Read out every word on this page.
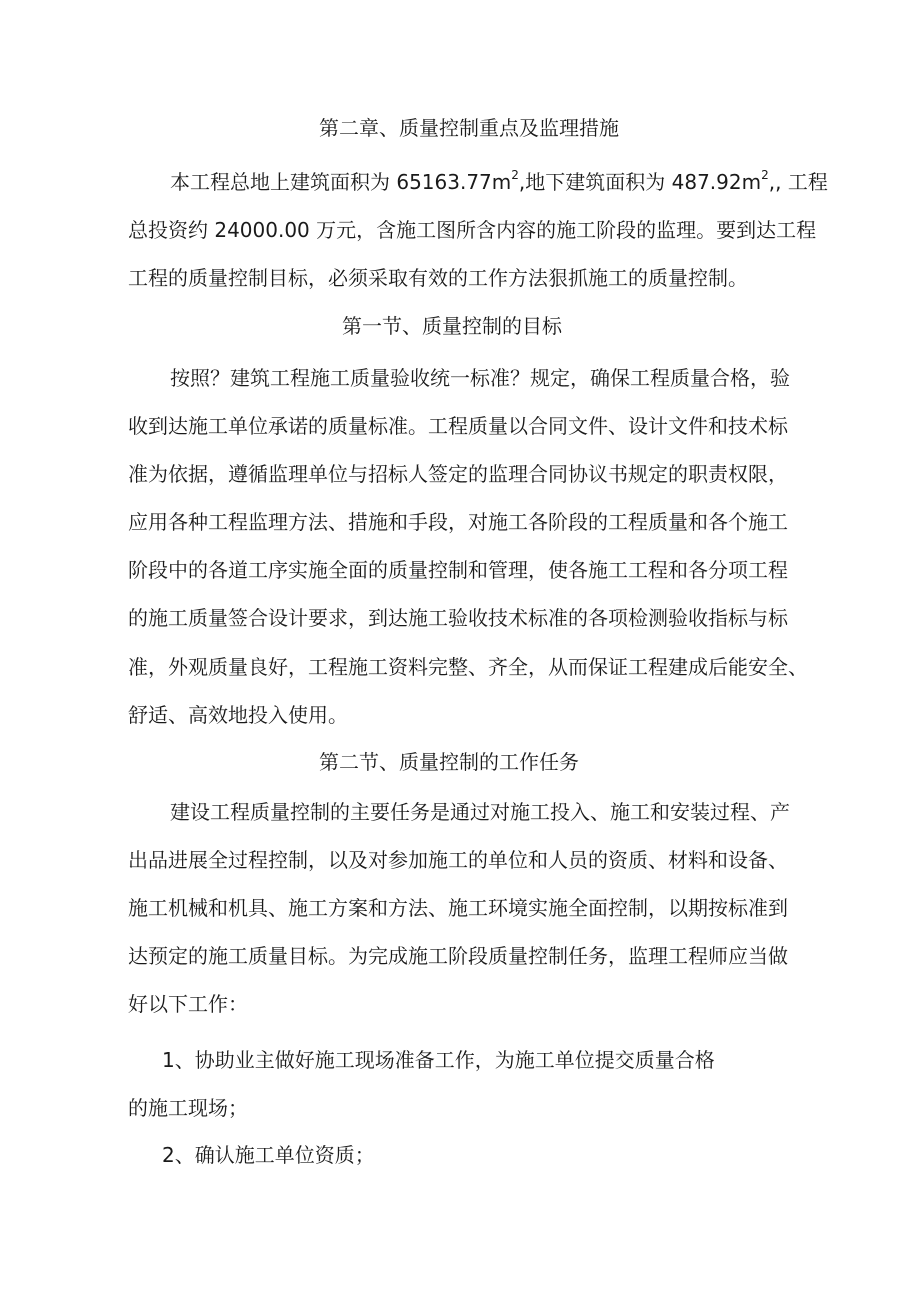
第二章、质量控制重点及监理措施

本工程总地上建筑面积为 $65163.77m^2$,地下建筑面积为 $487.92m^2$,, 工程

总投资约 24000.00 万元，含施工图所含内容的施工阶段的监理。要到达工程

工程的质量控制目标，必须采取有效的工作方法狠抓施工的质量控制。

第一节、质量控制的目标

按照？建筑工程施工质量验收统一标准？规定，确保工程质量合格，验

收到达施工单位承诺的质量标准。工程质量以合同文件、设计文件和技术标

准为依据，遵循监理单位与招标人签定的监理合同协议书规定的职责权限，

应用各种工程监理方法、措施和手段，对施工各阶段的工程质量和各个施工

阶段中的各道工序实施全面的质量控制和管理，使各施工工程和各分项工程

的施工质量签合设计要求，到达施工验收技术标准的各项检测验收指标与标

准，外观质量良好，工程施工资料完整、齐全，从而保证工程建成后能安全、

舒适、高效地投入使用。

第二节、质量控制的工作任务

建设工程质量控制的主要任务是通过对施工投入、施工和安装过程、产

出品进展全过程控制，以及对参加施工的单位和人员的资质、材料和设备、

施工机械和机具、施工方案和方法、施工环境实施全面控制，以期按标准到

达预定的施工质量目标。为完成施工阶段质量控制任务，监理工程师应当做

好以下工作：

1、协助业主做好施工现场准备工作，为施工单位提交质量合格

的施工现场；

2、确认施工单位资质；
